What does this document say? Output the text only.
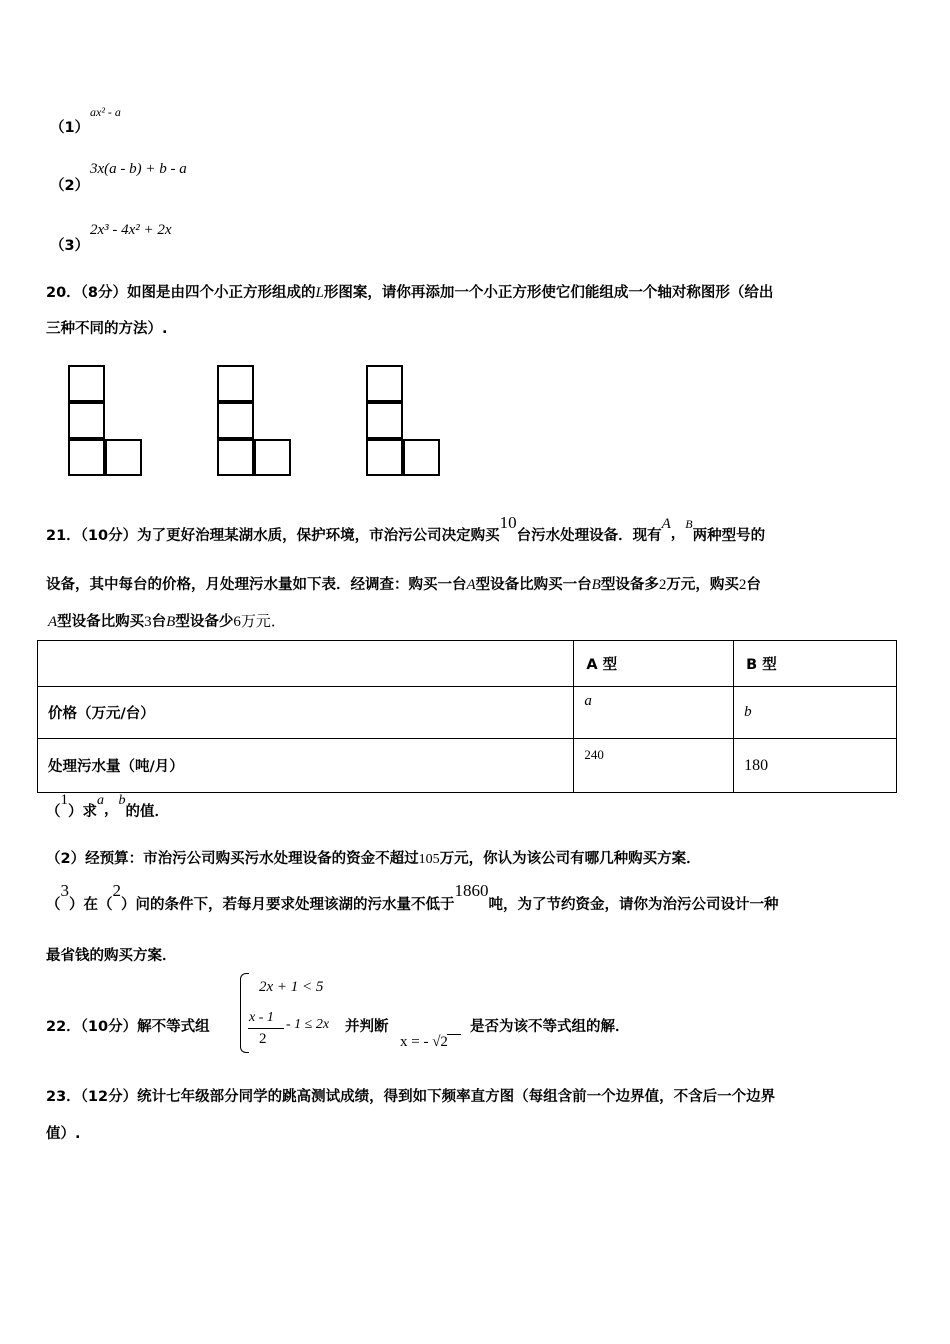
（1）
ax² - a
（2）
3x(a - b) + b - a
（3）
2x³ - 4x² + 2x
20．（8分）如图是由四个小正方形组成的L形图案，请你再添加一个小正方形使它们能组成一个轴对称图形（给出
三种不同的方法）.
21．（10分）为了更好治理某湖水质，保护环境，市治污公司决定购买10台污水处理设备．现有A，B两种型号的
设备，其中每台的价格，月处理污水量如下表．经调查：购买一台A型设备比购买一台B型设备多2万元，购买2台
A型设备比购买3台B型设备少6万元．
	A 型	B 型
价格（万元/台）	a	b
处理污水量（吨/月）	240	180
（1）求a，b的值．
（2）经预算：市治污公司购买污水处理设备的资金不超过105万元，你认为该公司有哪几种购买方案．
（3）在（2）问的条件下，若每月要求处理该湖的污水量不低于1860吨，为了节约资金，请你为治污公司设计一种
最省钱的购买方案．
22．（10分）解不等式组
2x + 1 < 5
x - 1
2
- 1 ≤ 2x 并判断
x = - √2
是否为该不等式组的解．
23．（12分）统计七年级部分同学的跳高测试成绩，得到如下频率直方图（每组含前一个边界值，不含后一个边界
值）.
